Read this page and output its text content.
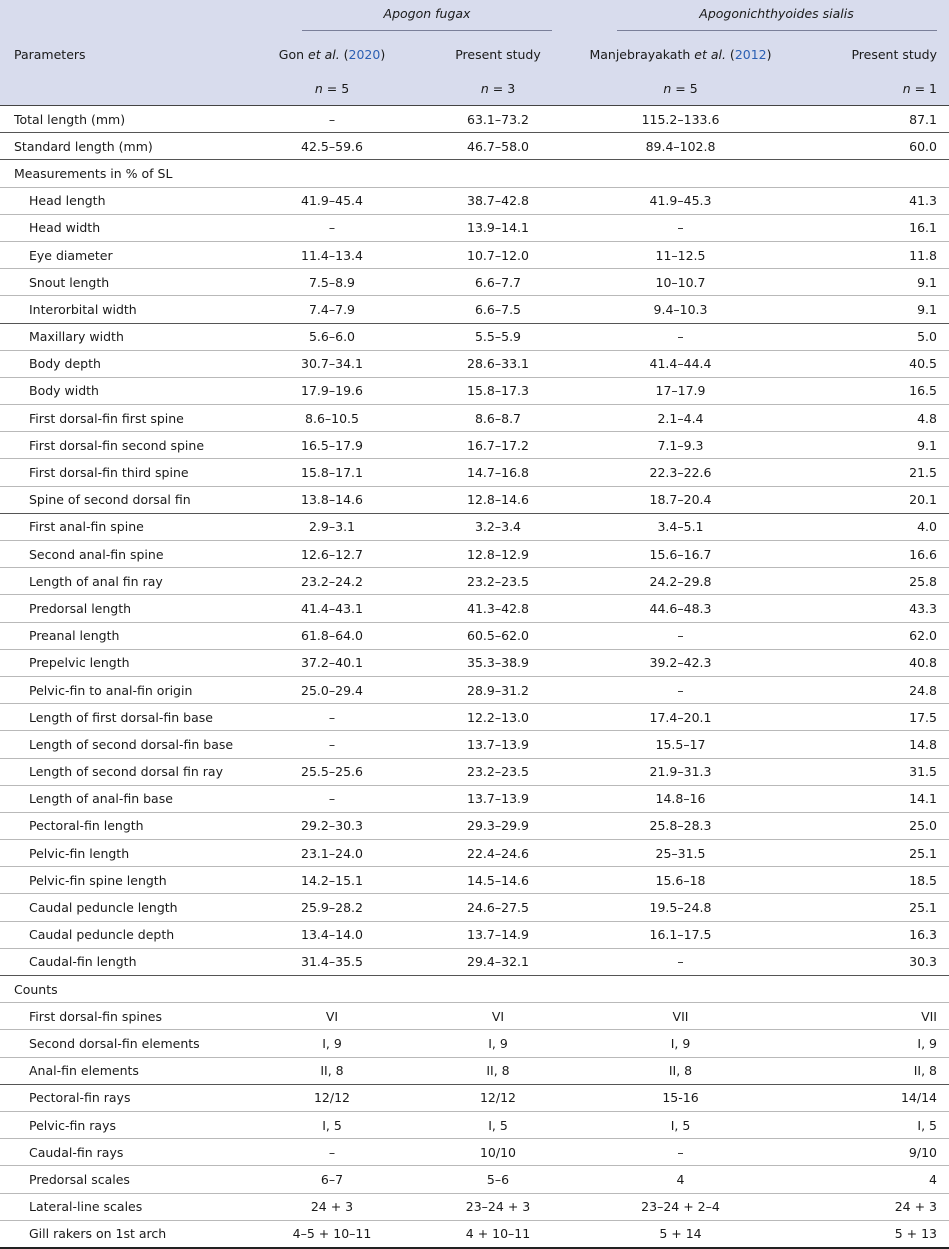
	Apogon fugax		Apogonichthyoides sialis	

Parameters	Gon et al. (2020)	Present study	Manjebrayakath et al. (2012)	Present study
	n = 5	n = 3	n = 5	n = 1
Total length (mm)	–	63.1–73.2	115.2–133.6	87.1
Standard length (mm)	42.5–59.6	46.7–58.0	89.4–102.8	60.0
Measurements in % of SL				
Head length	41.9–45.4	38.7–42.8	41.9–45.3	41.3
Head width	–	13.9–14.1	–	16.1
Eye diameter	11.4–13.4	10.7–12.0	11–12.5	11.8
Snout length	7.5–8.9	6.6–7.7	10–10.7	9.1
Interorbital width	7.4–7.9	6.6–7.5	9.4–10.3	9.1
Maxillary width	5.6–6.0	5.5–5.9	–	5.0
Body depth	30.7–34.1	28.6–33.1	41.4–44.4	40.5
Body width	17.9–19.6	15.8–17.3	17–17.9	16.5
First dorsal-fin first spine	8.6–10.5	8.6–8.7	2.1–4.4	4.8
First dorsal-fin second spine	16.5–17.9	16.7–17.2	7.1–9.3	9.1
First dorsal-fin third spine	15.8–17.1	14.7–16.8	22.3–22.6	21.5
Spine of second dorsal fin	13.8–14.6	12.8–14.6	18.7–20.4	20.1
First anal-fin spine	2.9–3.1	3.2–3.4	3.4–5.1	4.0
Second anal-fin spine	12.6–12.7	12.8–12.9	15.6–16.7	16.6
Length of anal fin ray	23.2–24.2	23.2–23.5	24.2–29.8	25.8
Predorsal length	41.4–43.1	41.3–42.8	44.6–48.3	43.3
Preanal length	61.8–64.0	60.5–62.0	–	62.0
Prepelvic length	37.2–40.1	35.3–38.9	39.2–42.3	40.8
Pelvic-fin to anal-fin origin	25.0–29.4	28.9–31.2	–	24.8
Length of first dorsal-fin base	–	12.2–13.0	17.4–20.1	17.5
Length of second dorsal-fin base	–	13.7–13.9	15.5–17	14.8
Length of second dorsal fin ray	25.5–25.6	23.2–23.5	21.9–31.3	31.5
Length of anal-fin base	–	13.7–13.9	14.8–16	14.1
Pectoral-fin length	29.2–30.3	29.3–29.9	25.8–28.3	25.0
Pelvic-fin length	23.1–24.0	22.4–24.6	25–31.5	25.1
Pelvic-fin spine length	14.2–15.1	14.5–14.6	15.6–18	18.5
Caudal peduncle length	25.9–28.2	24.6–27.5	19.5–24.8	25.1
Caudal peduncle depth	13.4–14.0	13.7–14.9	16.1–17.5	16.3
Caudal-fin length	31.4–35.5	29.4–32.1	–	30.3
Counts				
First dorsal-fin spines	VI	VI	VII	VII
Second dorsal-fin elements	I, 9	I, 9	I, 9	I, 9
Anal-fin elements	II, 8	II, 8	II, 8	II, 8
Pectoral-fin rays	12/12	12/12	15-16	14/14
Pelvic-fin rays	I, 5	I, 5	I, 5	I, 5
Caudal-fin rays	–	10/10	–	9/10
Predorsal scales	6–7	5–6	4	4
Lateral-line scales	24 + 3	23–24 + 3	23–24 + 2–4	24 + 3
Gill rakers on 1st arch	4–5 + 10–11	4 + 10–11	5 + 14	5 + 13
